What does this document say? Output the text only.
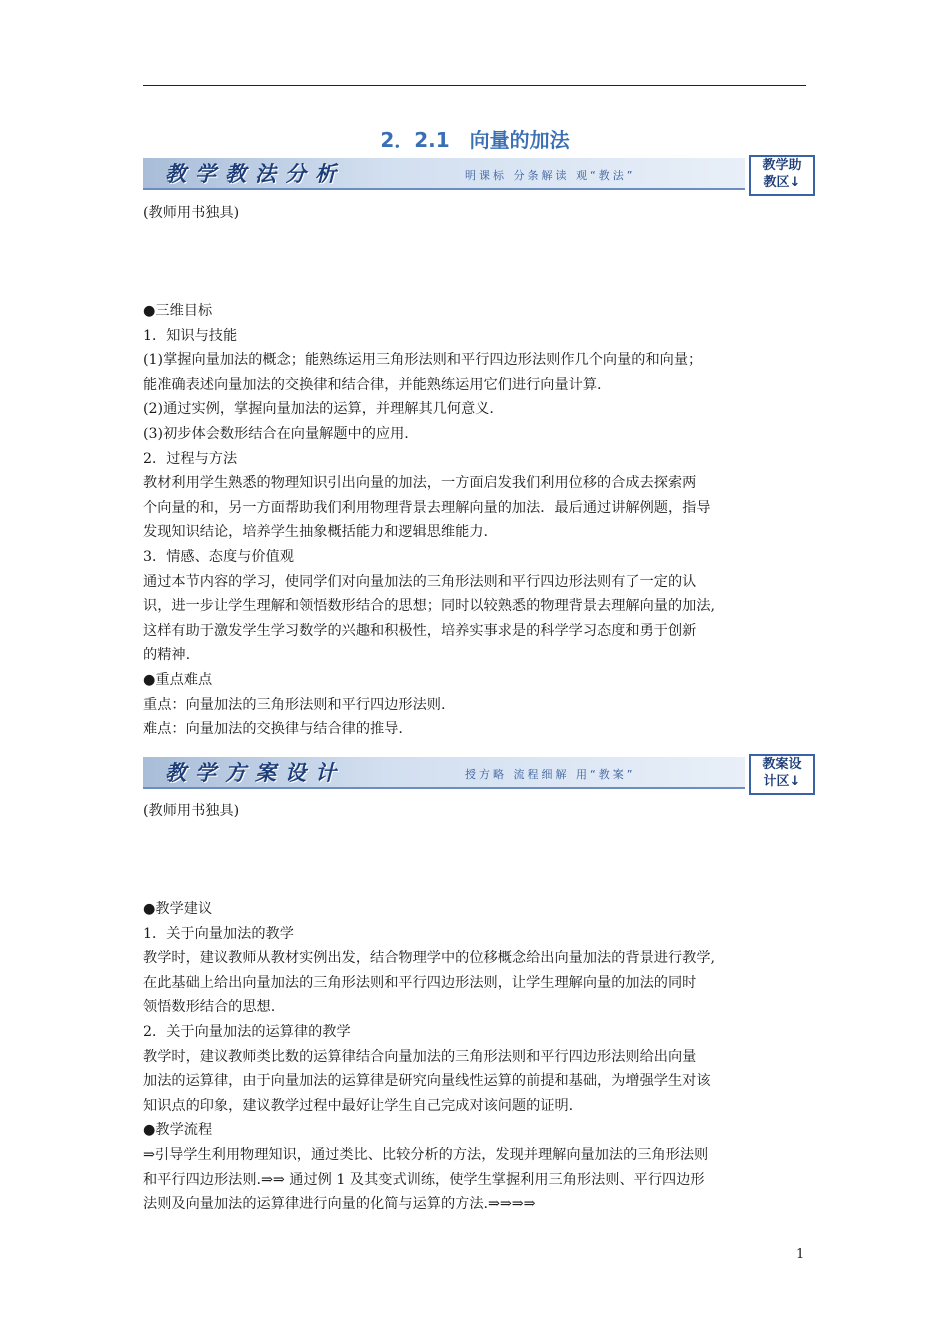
2．2.1　向量的加法
教学教法分析	明课标 分条解读 观“教法”
教学助
教区↓

(教师用书独具)

●三维目标

1．知识与技能

(1)掌握向量加法的概念；能熟练运用三角形法则和平行四边形法则作几个向量的和向量；

能准确表述向量加法的交换律和结合律，并能熟练运用它们进行向量计算.

(2)通过实例，掌握向量加法的运算，并理解其几何意义.

(3)初步体会数形结合在向量解题中的应用.

2．过程与方法

教材利用学生熟悉的物理知识引出向量的加法，一方面启发我们利用位移的合成去探索两

个向量的和，另一方面帮助我们利用物理背景去理解向量的加法．最后通过讲解例题，指导

发现知识结论，培养学生抽象概括能力和逻辑思维能力.

3．情感、态度与价值观

通过本节内容的学习，使同学们对向量加法的三角形法则和平行四边形法则有了一定的认

识，进一步让学生理解和领悟数形结合的思想；同时以较熟悉的物理背景去理解向量的加法,

这样有助于激发学生学习数学的兴趣和积极性，培养实事求是的科学学习态度和勇于创新

的精神.

●重点难点

重点：向量加法的三角形法则和平行四边形法则.

难点：向量加法的交换律与结合律的推导.

教学方案设计	授方略 流程细解 用“教案”
教案设
计区↓

(教师用书独具)

●教学建议

1．关于向量加法的教学

教学时，建议教师从教材实例出发，结合物理学中的位移概念给出向量加法的背景进行教学,

在此基础上给出向量加法的三角形法则和平行四边形法则，让学生理解向量的加法的同时

领悟数形结合的思想.

2．关于向量加法的运算律的教学

教学时，建议教师类比数的运算律结合向量加法的三角形法则和平行四边形法则给出向量

加法的运算律，由于向量加法的运算律是研究向量线性运算的前提和基础，为增强学生对该

知识点的印象，建议教学过程中最好让学生自己完成对该问题的证明.

●教学流程

⇒引导学生利用物理知识，通过类比、比较分析的方法，发现并理解向量加法的三角形法则

和平行四边形法则.⇒⇒ 通过例 1 及其变式训练，使学生掌握利用三角形法则、平行四边形

法则及向量加法的运算律进行向量的化简与运算的方法.⇒⇒⇒⇒

1
